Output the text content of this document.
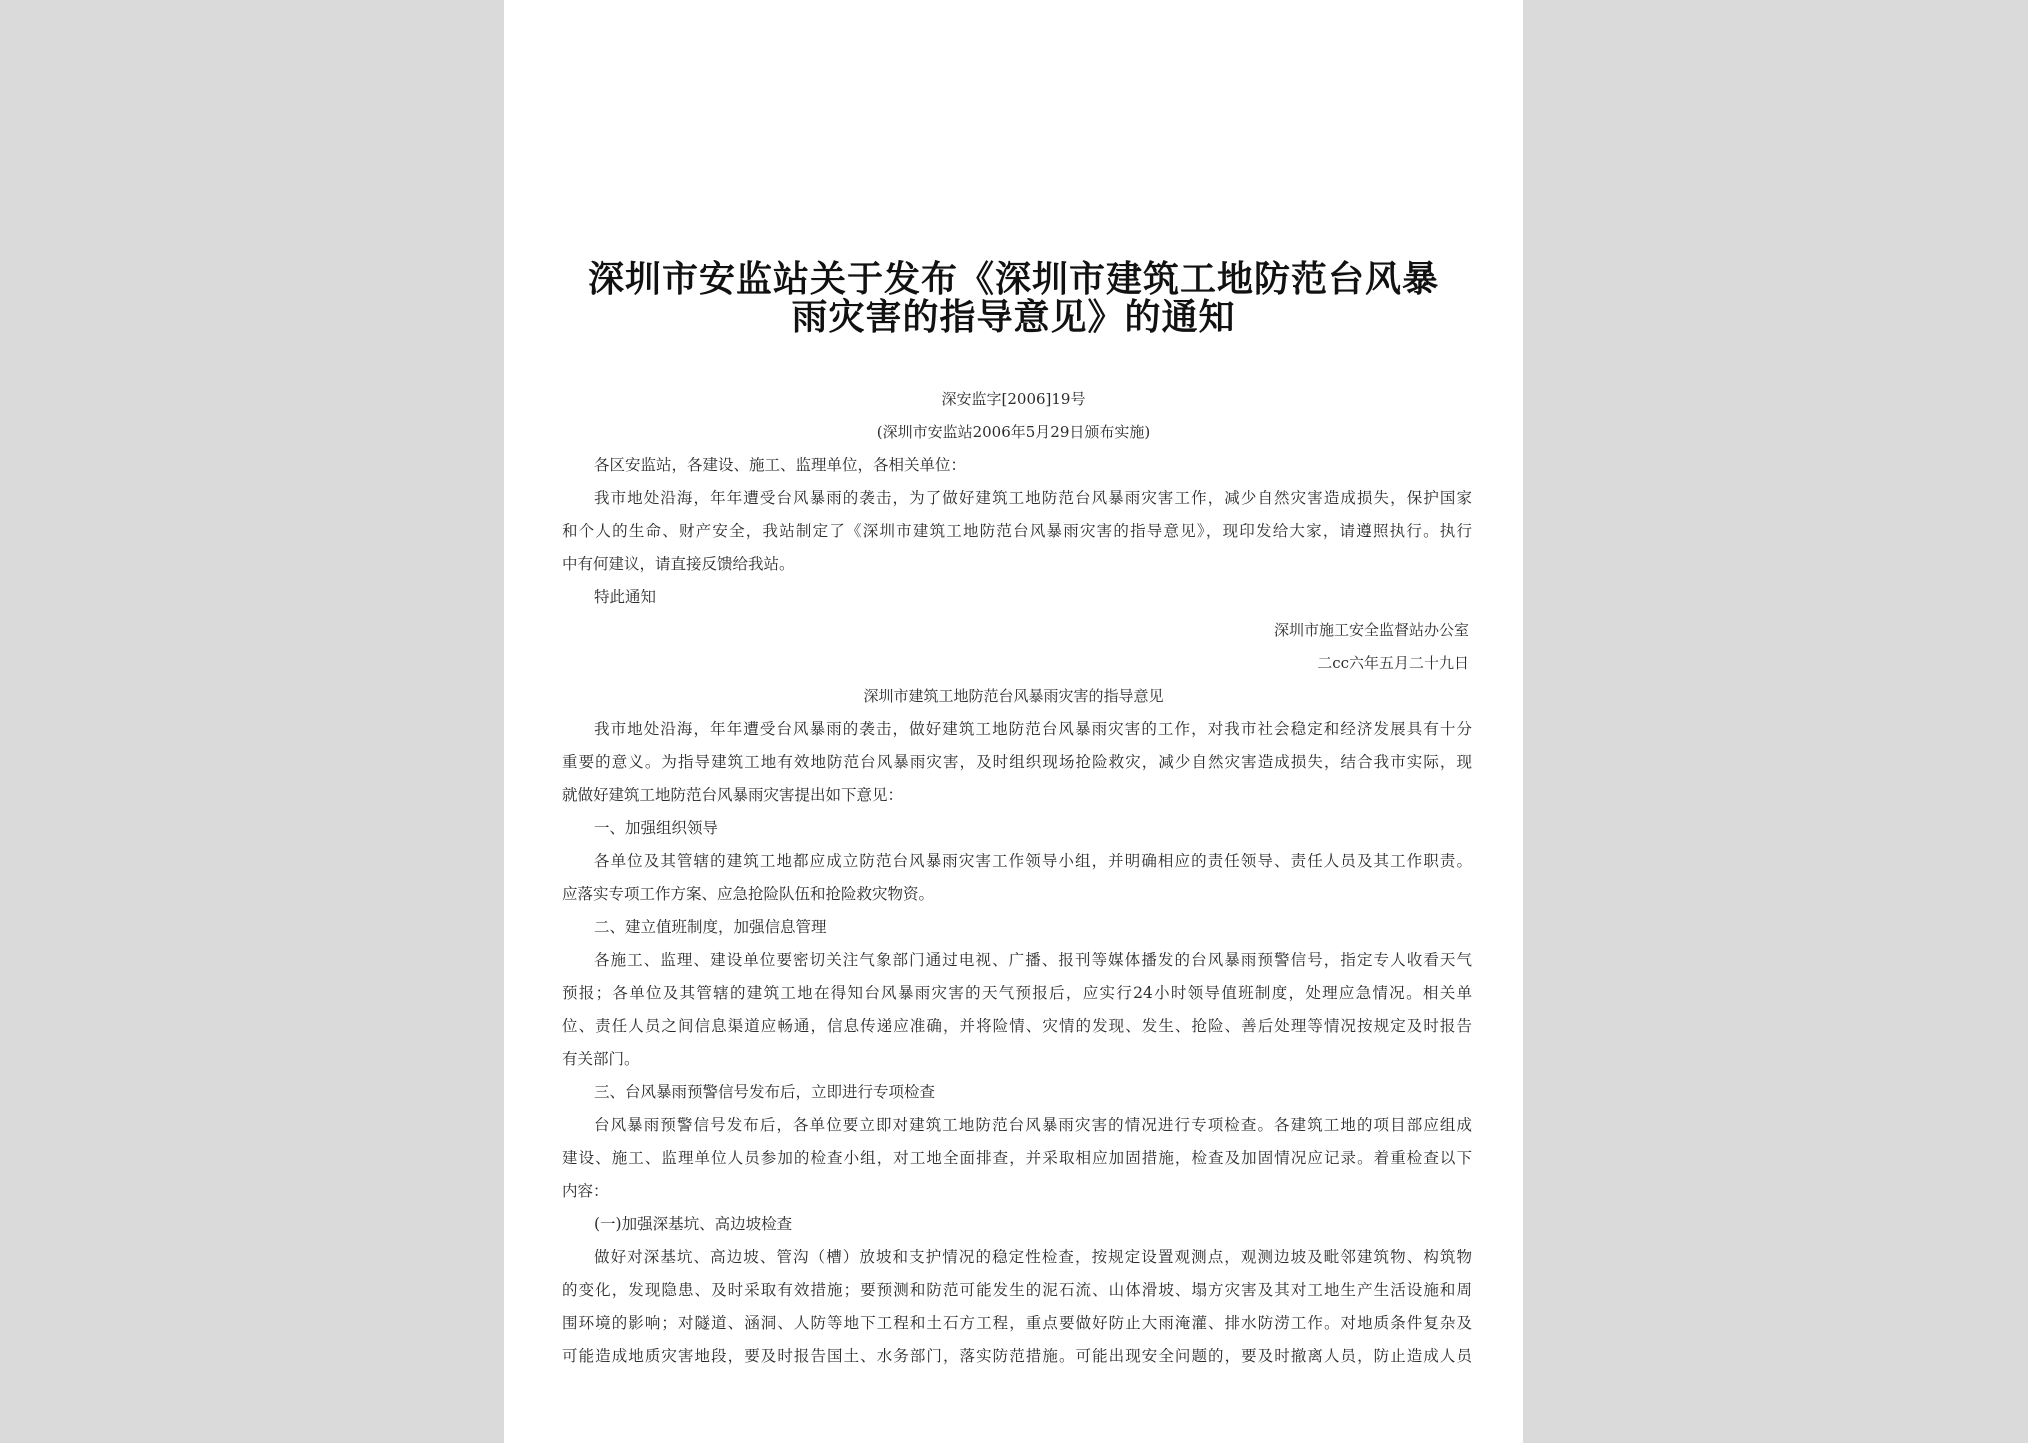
深圳市安监站关于发布《深圳市建筑工地防范台风暴
雨灾害的指导意见》的通知
深安监字[2006]19号
(深圳市安监站2006年5月29日颁布实施)
各区安监站，各建设、施工、监理单位，各相关单位：
我市地处沿海，年年遭受台风暴雨的袭击，为了做好建筑工地防范台风暴雨灾害工作，减少自然灾害造成损失，保护国家
和个人的生命、财产安全，我站制定了《深圳市建筑工地防范台风暴雨灾害的指导意见》，现印发给大家，请遵照执行。执行
中有何建议，请直接反馈给我站。
特此通知
深圳市施工安全监督站办公室
二cc六年五月二十九日
深圳市建筑工地防范台风暴雨灾害的指导意见
我市地处沿海，年年遭受台风暴雨的袭击，做好建筑工地防范台风暴雨灾害的工作，对我市社会稳定和经济发展具有十分
重要的意义。为指导建筑工地有效地防范台风暴雨灾害，及时组织现场抢险救灾，减少自然灾害造成损失，结合我市实际，现
就做好建筑工地防范台风暴雨灾害提出如下意见：
一、加强组织领导
各单位及其管辖的建筑工地都应成立防范台风暴雨灾害工作领导小组，并明确相应的责任领导、责任人员及其工作职责。
应落实专项工作方案、应急抢险队伍和抢险救灾物资。
二、建立值班制度，加强信息管理
各施工、监理、建设单位要密切关注气象部门通过电视、广播、报刊等媒体播发的台风暴雨预警信号，指定专人收看天气
预报；各单位及其管辖的建筑工地在得知台风暴雨灾害的天气预报后，应实行24小时领导值班制度，处理应急情况。相关单
位、责任人员之间信息渠道应畅通，信息传递应准确，并将险情、灾情的发现、发生、抢险、善后处理等情况按规定及时报告
有关部门。
三、台风暴雨预警信号发布后，立即进行专项检查
台风暴雨预警信号发布后，各单位要立即对建筑工地防范台风暴雨灾害的情况进行专项检查。各建筑工地的项目部应组成
建设、施工、监理单位人员参加的检查小组，对工地全面排查，并采取相应加固措施，检查及加固情况应记录。着重检查以下
内容：
(一)加强深基坑、高边坡检查
做好对深基坑、高边坡、管沟（槽）放坡和支护情况的稳定性检查，按规定设置观测点，观测边坡及毗邻建筑物、构筑物
的变化，发现隐患、及时采取有效措施；要预测和防范可能发生的泥石流、山体滑坡、塌方灾害及其对工地生产生活设施和周
围环境的影响；对隧道、涵洞、人防等地下工程和土石方工程，重点要做好防止大雨淹灌、排水防涝工作。对地质条件复杂及
可能造成地质灾害地段，要及时报告国土、水务部门，落实防范措施。可能出现安全问题的，要及时撤离人员，防止造成人员
